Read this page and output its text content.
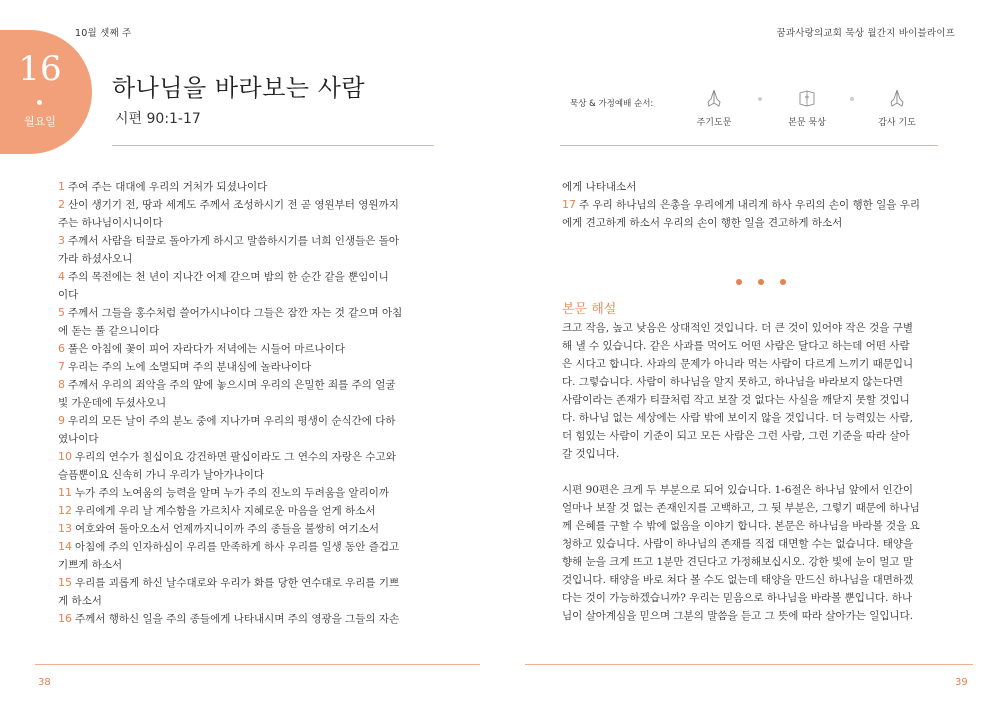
10월 셋째 주
16
월요일
하나님을 바라보는 사람
시편 90:1-17
1 주여 주는 대대에 우리의 거처가 되셨나이다
2 산이 생기기 전, 땅과 세계도 주께서 조성하시기 전 곧 영원부터 영원까지
주는 하나님이시니이다
3 주께서 사람을 티끌로 돌아가게 하시고 말씀하시기를 너희 인생들은 돌아
가라 하셨사오니
4 주의 목전에는 천 년이 지나간 어제 같으며 밤의 한 순간 같을 뿐임이니
이다
5 주께서 그들을 홍수처럼 쓸어가시나이다 그들은 잠깐 자는 것 같으며 아침
에 돋는 풀 같으니이다
6 풀은 아침에 꽃이 피어 자라다가 저녁에는 시들어 마르나이다
7 우리는 주의 노에 소멸되며 주의 분내심에 놀라나이다
8 주께서 우리의 죄악을 주의 앞에 놓으시며 우리의 은밀한 죄를 주의 얼굴
빛 가운데에 두셨사오니
9 우리의 모든 날이 주의 분노 중에 지나가며 우리의 평생이 순식간에 다하
였나이다
10 우리의 연수가 칠십이요 강건하면 팔십이라도 그 연수의 자랑은 수고와
슬픔뿐이요 신속히 가니 우리가 날아가나이다
11 누가 주의 노여움의 능력을 알며 누가 주의 진노의 두려움을 알리이까
12 우리에게 우리 날 계수함을 가르치사 지혜로운 마음을 얻게 하소서
13 여호와여 돌아오소서 언제까지니이까 주의 종들을 불쌍히 여기소서
14 아침에 주의 인자하심이 우리를 만족하게 하사 우리를 일생 동안 즐겁고
기쁘게 하소서
15 우리를 괴롭게 하신 날수대로와 우리가 화를 당한 연수대로 우리를 기쁘
게 하소서
16 주께서 행하신 일을 주의 종들에게 나타내시며 주의 영광을 그들의 자손
38
꿈과사랑의교회 묵상 월간지 바이블라이프
묵상 & 가정예배 순서:
주기도문	본문 묵상	감사 기도
에게 나타내소서
17 주 우리 하나님의 은총을 우리에게 내리게 하사 우리의 손이 행한 일을 우리
에게 견고하게 하소서 우리의 손이 행한 일을 견고하게 하소서
본문 해설
크고 작음, 높고 낮음은 상대적인 것입니다. 더 큰 것이 있어야 작은 것을 구별
해 낼 수 있습니다. 같은 사과를 먹어도 어떤 사람은 달다고 하는데 어떤 사람
은 시다고 합니다. 사과의 문제가 아니라 먹는 사람이 다르게 느끼기 때문입니
다. 그렇습니다. 사람이 하나님을 알지 못하고, 하나님을 바라보지 않는다면
사람이라는 존재가 티끌처럼 작고 보잘 것 없다는 사실을 깨닫지 못할 것입니
다. 하나님 없는 세상에는 사람 밖에 보이지 않을 것입니다. 더 능력있는 사람,
더 힘있는 사람이 기준이 되고 모든 사람은 그런 사람, 그런 기준을 따라 살아
갈 것입니다.
시편 90편은 크게 두 부분으로 되어 있습니다. 1-6절은 하나님 앞에서 인간이
얼마나 보잘 것 없는 존재인지를 고백하고, 그 뒷 부분은, 그렇기 때문에 하나님
께 은혜를 구할 수 밖에 없음을 이야기 합니다. 본문은 하나님을 바라볼 것을 요
청하고 있습니다. 사람이 하나님의 존재를 직접 대면할 수는 없습니다. 태양을
향해 눈을 크게 뜨고 1분만 견딘다고 가정해보십시오. 강한 빛에 눈이 멀고 말
것입니다. 태양을 바로 쳐다 볼 수도 없는데 태양을 만드신 하나님을 대면하겠
다는 것이 가능하겠습니까? 우리는 믿음으로 하나님을 바라볼 뿐입니다. 하나
님이 살아계심을 믿으며 그분의 말씀을 듣고 그 뜻에 따라 살아가는 일입니다.
39
